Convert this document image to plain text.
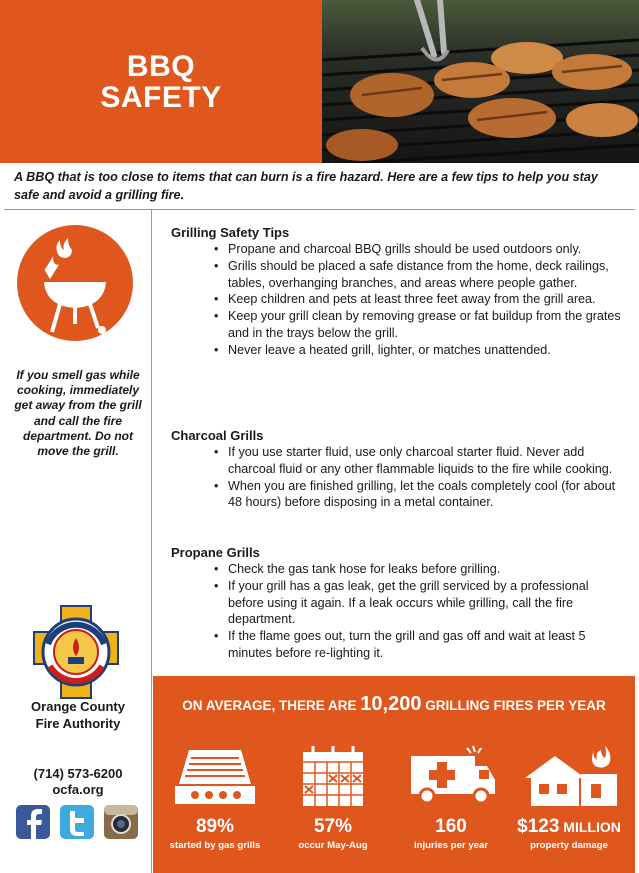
BBQ
SAFETY
A BBQ that is too close to items that can burn is a fire hazard. Here are a few tips to help you stay safe and avoid a grilling fire.
If you smell gas while cooking, immediately get away from the grill and call the fire department. Do not move the grill.
Orange County
Fire Authority
(714) 573-6200
ocfa.org
Grilling Safety Tips
• Propane and charcoal BBQ grills should be used outdoors only.
• Grills should be placed a safe distance from the home, deck railings, tables, overhanging branches, and areas where people gather.
• Keep children and pets at least three feet away from the grill area.
• Keep your grill clean by removing grease or fat buildup from the grates and in the trays below the grill.
• Never leave a heated grill, lighter, or matches unattended.
Charcoal Grills
• If you use starter fluid, use only charcoal starter fluid. Never add charcoal fluid or any other flammable liquids to the fire while cooking.
• When you are finished grilling, let the coals completely cool (for about 48 hours) before disposing in a metal container.
Propane Grills
• Check the gas tank hose for leaks before grilling.
• If your grill has a gas leak, get the grill serviced by a professional before using it again. If a leak occurs while grilling, call the fire department.
• If the flame goes out, turn the grill and gas off and wait at least 5 minutes before re-lighting it.
ON AVERAGE, THERE ARE 10,200 GRILLING FIRES PER YEAR
89%
started by gas grills
57%
occur May-Aug
160
injuries per year
$123 MILLION
property damage
